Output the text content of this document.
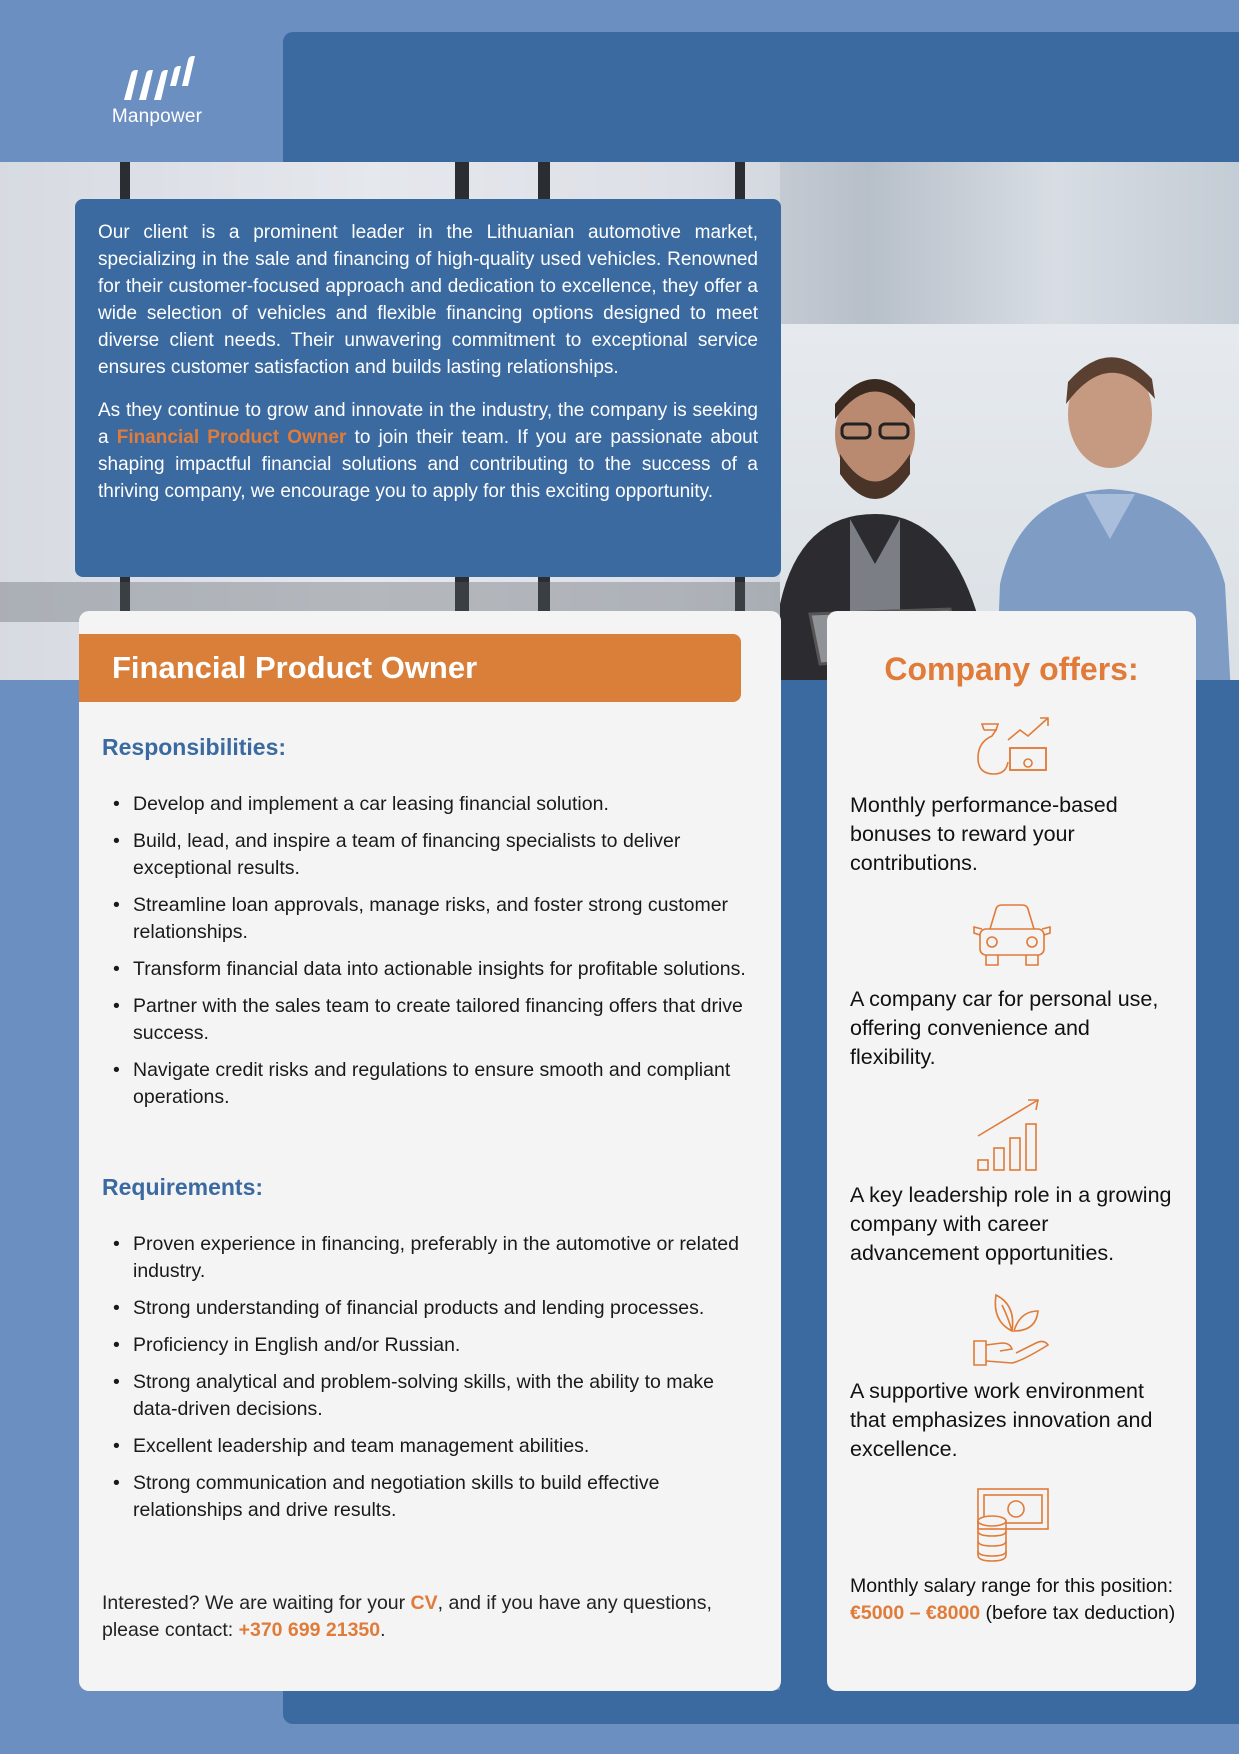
Manpower

Our client is a prominent leader in the Lithuanian automotive market, specializing in the sale and financing of high-quality used vehicles. Renowned for their customer-focused approach and dedication to excellence, they offer a wide selection of vehicles and flexible financing options designed to meet diverse client needs. Their unwavering commitment to exceptional service ensures customer satisfaction and builds lasting relationships.

As they continue to grow and innovate in the industry, the company is seeking a Financial Product Owner to join their team. If you are passionate about shaping impactful financial solutions and contributing to the success of a thriving company, we encourage you to apply for this exciting opportunity.

Financial Product Owner
Responsibilities:
• Develop and implement a car leasing financial solution.
• Build, lead, and inspire a team of financing specialists to deliver exceptional results.
• Streamline loan approvals, manage risks, and foster strong customer relationships.
• Transform financial data into actionable insights for profitable solutions.
• Partner with the sales team to create tailored financing offers that drive success.
• Navigate credit risks and regulations to ensure smooth and compliant operations.
Requirements:
• Proven experience in financing, preferably in the automotive or related industry.
• Strong understanding of financial products and lending processes.
• Proficiency in English and/or Russian.
• Strong analytical and problem-solving skills, with the ability to make data-driven decisions.
• Excellent leadership and team management abilities.
• Strong communication and negotiation skills to build effective relationships and drive results.
Interested? We are waiting for your CV, and if you have any questions, please contact: +370 699 21350.
Company offers:
Monthly performance-based bonuses to reward your contributions.
A company car for personal use, offering convenience and flexibility.
A key leadership role in a growing company with career advancement opportunities.
A supportive work environment that emphasizes innovation and excellence.
Monthly salary range for this position: €5000 – €8000 (before tax deduction)
